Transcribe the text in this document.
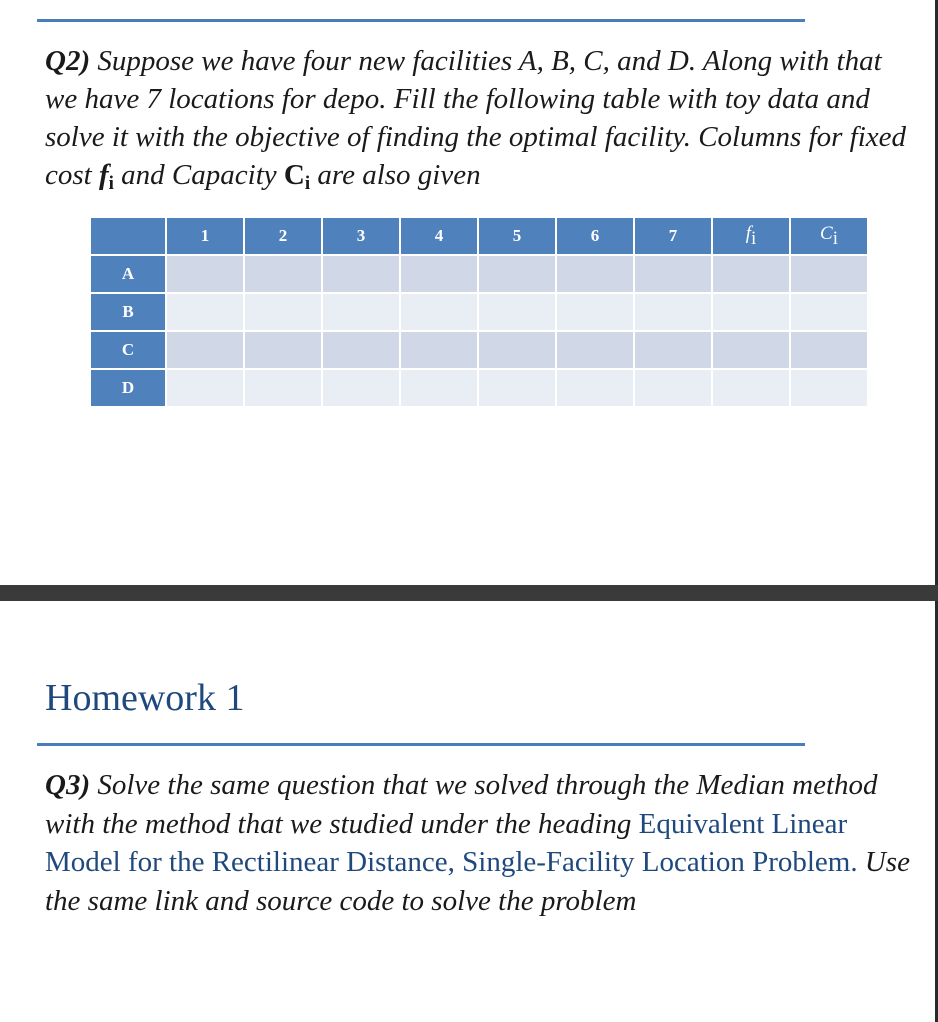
Q2) Suppose we have four new facilities A, B, C, and D. Along with that we have 7 locations for depo. Fill the following table with toy data and solve it with the objective of finding the optimal facility. Columns for fixed cost $f_i$ and Capacity $C_i$ are also given
	1	2	3	4	5	6	7	fi	Ci
A									
B									
C									
D									
Homework 1
Q3) Solve the same question that we solved through the Median method with the method that we studied under the heading Equivalent Linear Model for the Rectilinear Distance, Single-Facility Location Problem. Use the same link and source code to solve the problem
